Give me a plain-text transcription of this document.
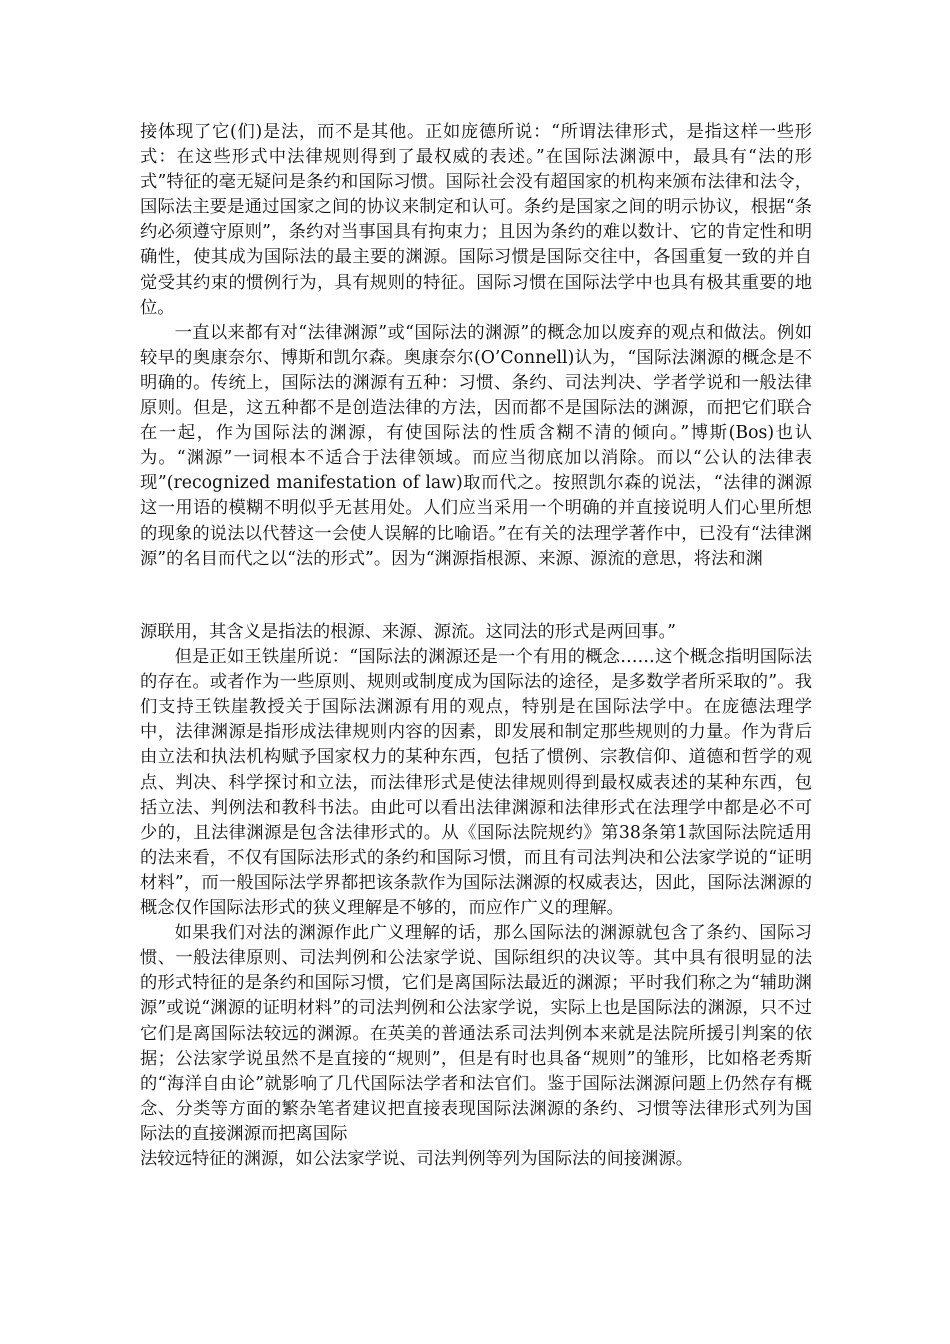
接体现了它(们)是法，而不是其他。正如庞德所说：“所谓法律形式，是指这样一些形式：在这些形式中法律规则得到了最权威的表述。”在国际法渊源中，最具有“法的形式”特征的毫无疑问是条约和国际习惯。国际社会没有超国家的机构来颁布法律和法令，国际法主要是通过国家之间的协议来制定和认可。条约是国家之间的明示协议，根据“条约必须遵守原则”，条约对当事国具有拘束力；且因为条约的难以数计、它的肯定性和明确性，使其成为国际法的最主要的渊源。国际习惯是国际交往中，各国重复一致的并自觉受其约束的惯例行为，具有规则的特征。国际习惯在国际法学中也具有极其重要的地位。

一直以来都有对“法律渊源”或“国际法的渊源”的概念加以废弃的观点和做法。例如较早的奥康奈尔、博斯和凯尔森。奥康奈尔(O’Connell)认为，“国际法渊源的概念是不明确的。传统上，国际法的渊源有五种：习惯、条约、司法判决、学者学说和一般法律原则。但是，这五种都不是创造法律的方法，因而都不是国际法的渊源，而把它们联合在一起，作为国际法的渊源，有使国际法的性质含糊不清的倾向。”博斯(Bos)也认为。“渊源”一词根本不适合于法律领域。而应当彻底加以消除。而以“公认的法律表现”(recognized manifestation of law)取而代之。按照凯尔森的说法，“法律的渊源这一用语的模糊不明似乎无甚用处。人们应当采用一个明确的并直接说明人们心里所想的现象的说法以代替这一会使人误解的比喻语。”在有关的法理学著作中，已没有“法律渊源”的名目而代之以“法的形式”。因为“渊源指根源、来源、源流的意思，将法和渊

源联用，其含义是指法的根源、来源、源流。这同法的形式是两回事。”

但是正如王铁崖所说：“国际法的渊源还是一个有用的概念……这个概念指明国际法的存在。或者作为一些原则、规则或制度成为国际法的途径，是多数学者所采取的”。我们支持王铁崖教授关于国际法渊源有用的观点，特别是在国际法学中。在庞德法理学中，法律渊源是指形成法律规则内容的因素，即发展和制定那些规则的力量。作为背后由立法和执法机构赋予国家权力的某种东西，包括了惯例、宗教信仰、道德和哲学的观点、判决、科学探讨和立法，而法律形式是使法律规则得到最权威表述的某种东西，包括立法、判例法和教科书法。由此可以看出法律渊源和法律形式在法理学中都是必不可少的，且法律渊源是包含法律形式的。从《国际法院规约》第38条第1款国际法院适用的法来看，不仅有国际法形式的条约和国际习惯，而且有司法判决和公法家学说的“证明材料”，而一般国际法学界都把该条款作为国际法渊源的权威表达，因此，国际法渊源的概念仅作国际法形式的狭义理解是不够的，而应作广义的理解。

如果我们对法的渊源作此广义理解的话，那么国际法的渊源就包含了条约、国际习惯、一般法律原则、司法判例和公法家学说、国际组织的决议等。其中具有很明显的法的形式特征的是条约和国际习惯，它们是离国际法最近的渊源；平时我们称之为“辅助渊源”或说“渊源的证明材料”的司法判例和公法家学说，实际上也是国际法的渊源，只不过它们是离国际法较远的渊源。在英美的普通法系司法判例本来就是法院所援引判案的依据；公法家学说虽然不是直接的“规则”，但是有时也具备“规则”的雏形，比如格老秀斯的“海洋自由论”就影响了几代国际法学者和法官们。鉴于国际法渊源问题上仍然存有概念、分类等方面的繁杂笔者建议把直接表现国际法渊源的条约、习惯等法律形式列为国际法的直接渊源而把离国际

法较远特征的渊源，如公法家学说、司法判例等列为国际法的间接渊源。
